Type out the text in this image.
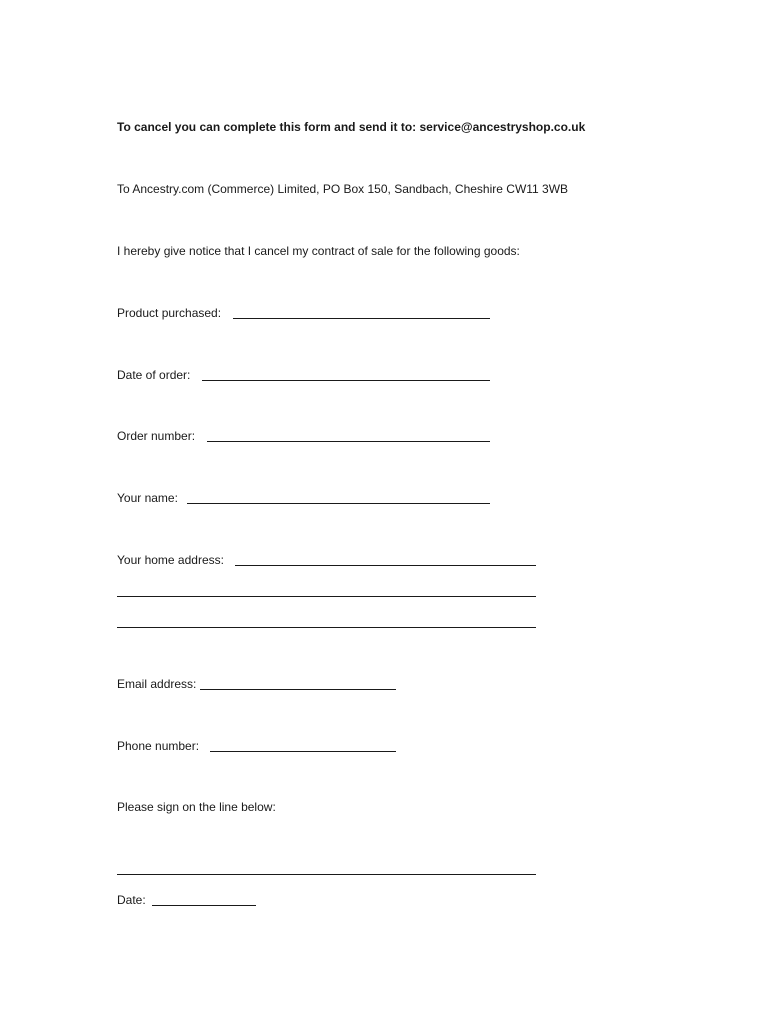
To cancel you can complete this form and send it to: service@ancestryshop.co.uk
To Ancestry.com (Commerce) Limited, PO Box 150, Sandbach, Cheshire CW11 3WB
I hereby give notice that I cancel my contract of sale for the following goods:
Product purchased:
Date of order:
Order number:
Your name:
Your home address:
Email address:
Phone number:
Please sign on the line below:
Date:
